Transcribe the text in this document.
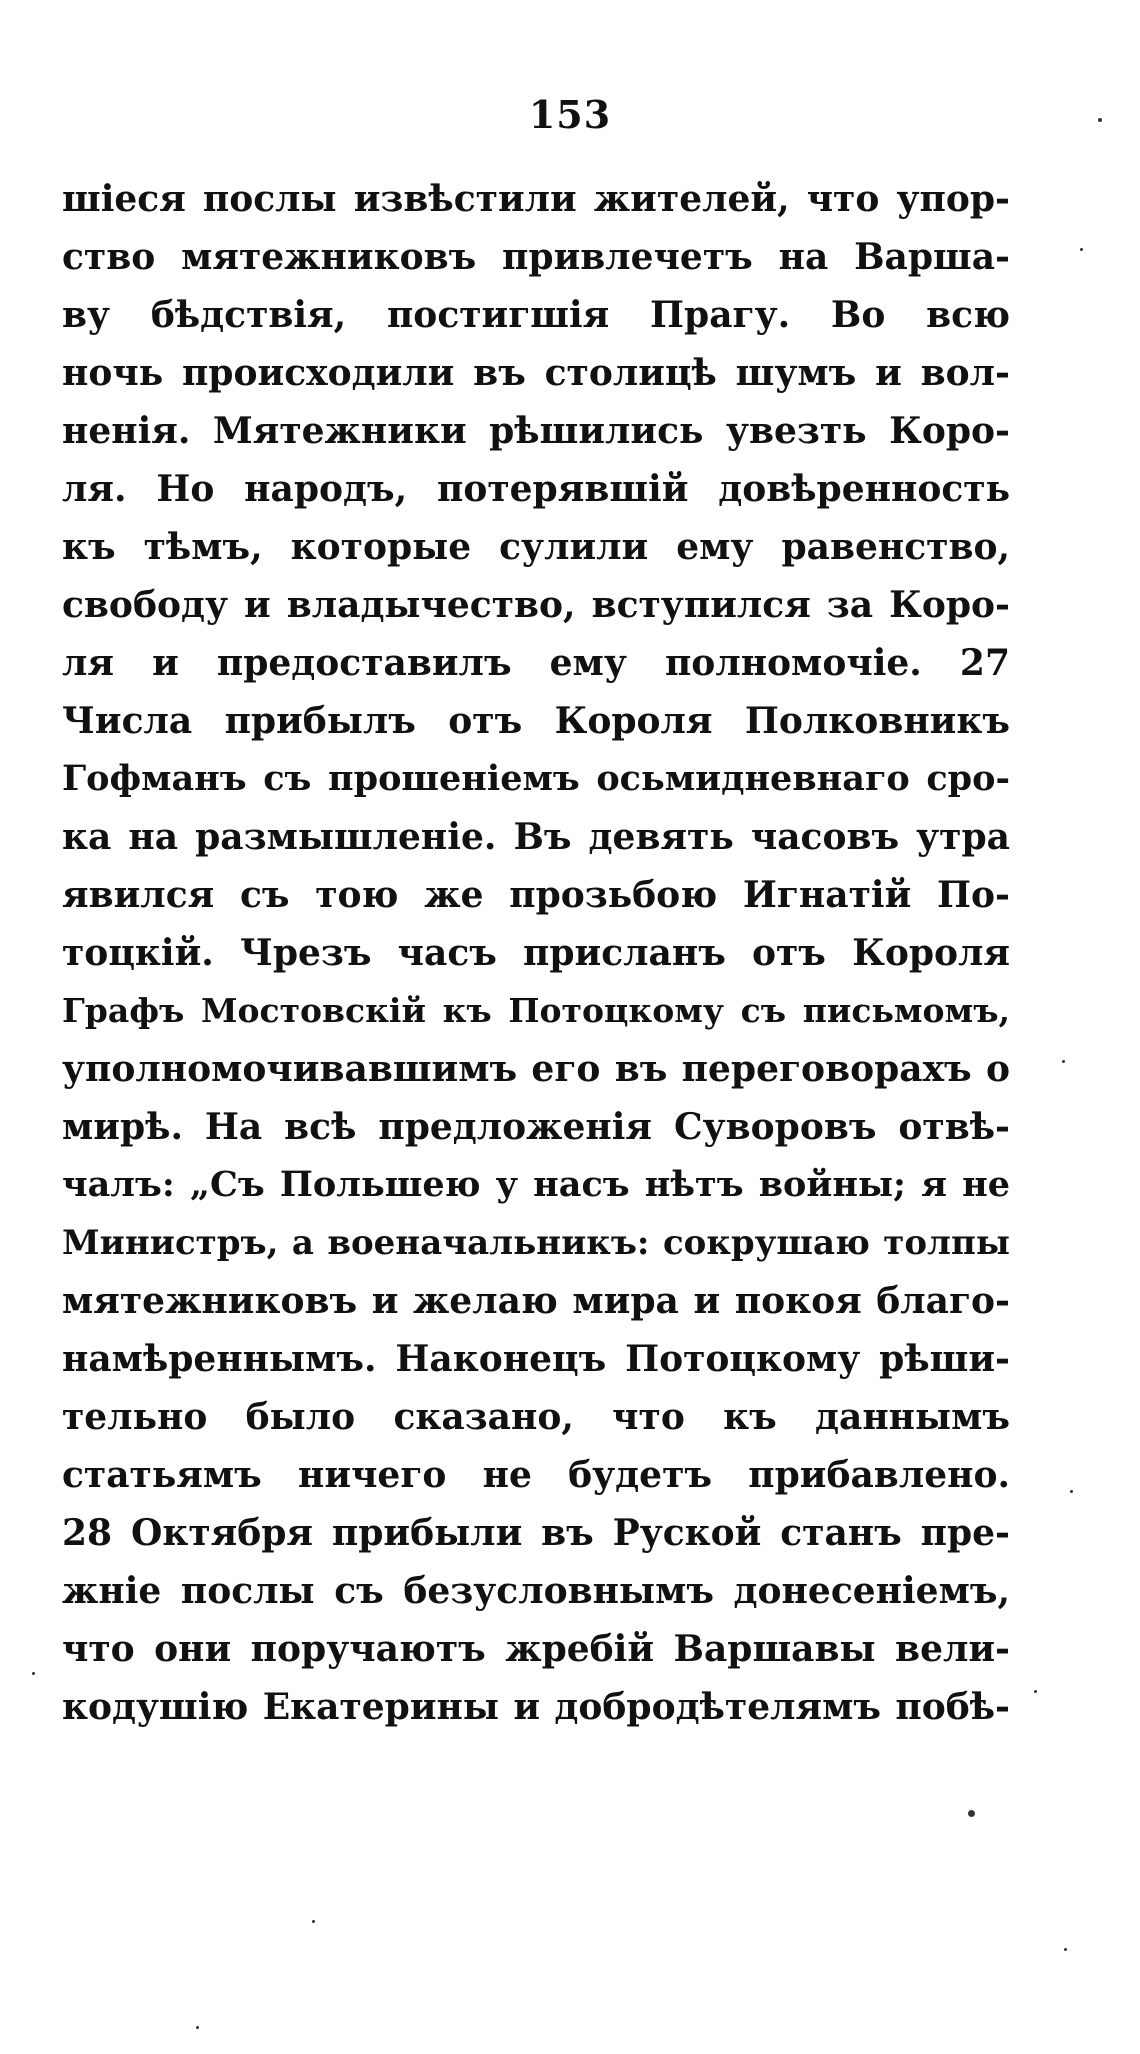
153
шіеся послы извѣстили жителей, что упор-
ство мятежниковъ привлечетъ на Варша-
ву бѣдствія, постигшія Прагу. Во всю
ночь происходили въ столицѣ шумъ и вол-
ненія. Мятежники рѣшились увезть Коро-
ля. Но народъ, потерявшій довѣренность
къ тѣмъ, которые сулили ему равенство,
свободу и владычество, вступился за Коро-
ля и предоставилъ ему полномочіе. 27
Числа прибылъ отъ Короля Полковникъ
Гофманъ съ прошеніемъ осьмидневнаго сро-
ка на размышленіе. Въ девять часовъ утра
явился съ тою же прозьбою Игнатій По-
тоцкій. Чрезъ часъ присланъ отъ Короля
Графъ Мостовскій къ Потоцкому съ письмомъ,
уполномочивавшимъ его въ переговорахъ о
мирѣ. На всѣ предложенія Суворовъ отвѣ-
чалъ: „Съ Польшею у насъ нѣтъ войны; я не
Министръ, а военачальникъ: сокрушаю толпы
мятежниковъ и желаю мира и покоя благо-
намѣреннымъ. Наконецъ Потоцкому рѣши-
тельно было сказано, что къ даннымъ
статьямъ ничего не будетъ прибавлено.
28 Октября прибыли въ Руской станъ пре-
жніе послы съ безусловнымъ донесеніемъ,
что они поручаютъ жребій Варшавы вели-
кодушію Екатерины и добродѣтелямъ побѣ-
